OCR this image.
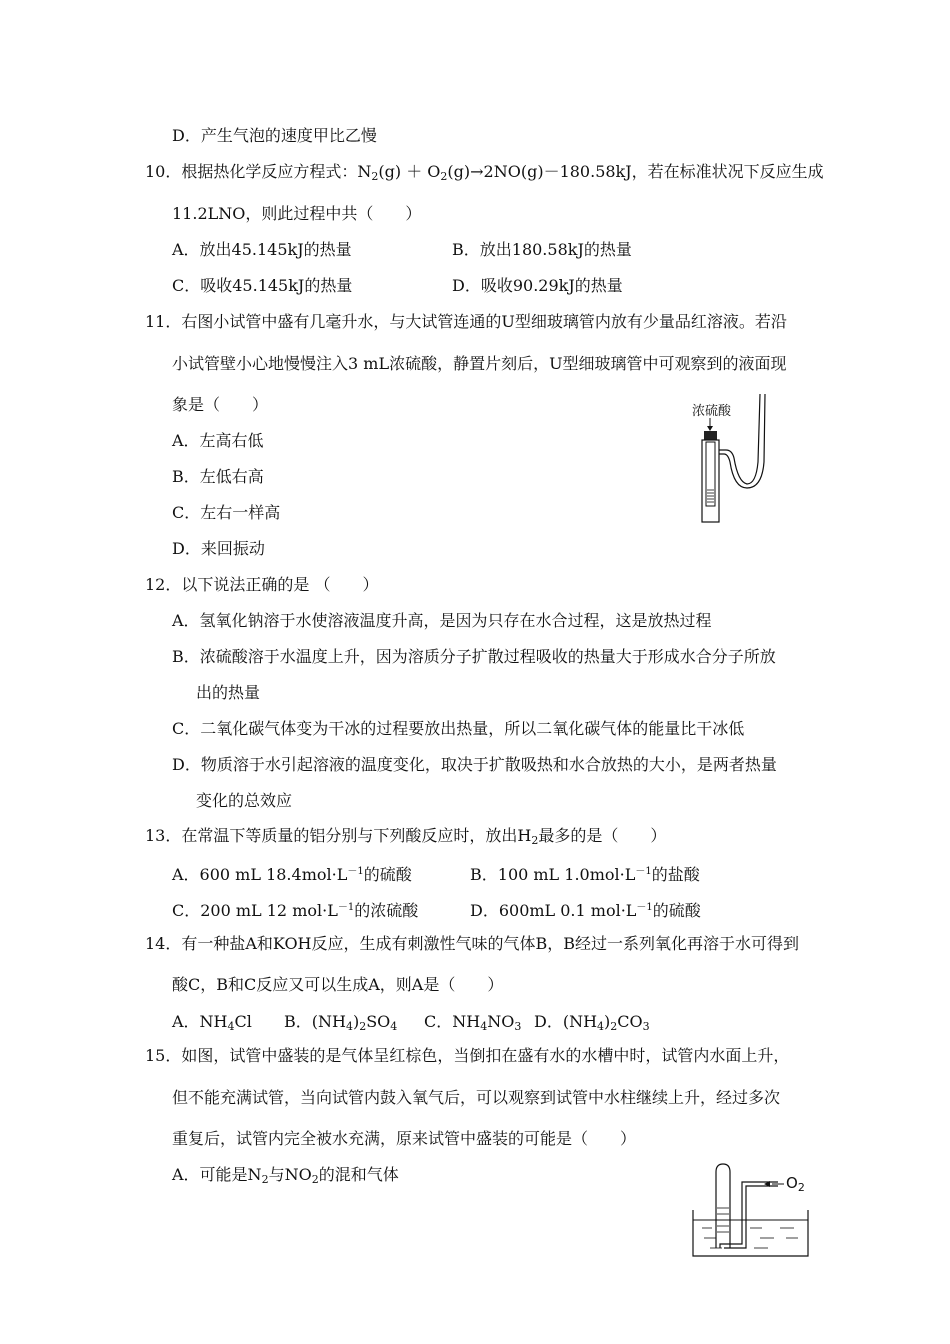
D．产生气泡的速度甲比乙慢
10．根据热化学反应方程式：$N_2(g) + O_2(g)\to 2NO(g)-180.58kJ$，若在标准状况下反应生成
11.2LNO，则此过程中共（　　）
A．放出45.145kJ的热量	B．放出180.58kJ的热量
C．吸收45.145kJ的热量	D．吸收90.29kJ的热量
11．右图小试管中盛有几毫升水，与大试管连通的U型细玻璃管内放有少量品红溶液。若沿
小试管壁小心地慢慢注入3 mL浓硫酸，静置片刻后，U型细玻璃管中可观察到的液面现
象是（　　）
A．左高右低
B．左低右高
C．左右一样高
D．来回振动
浓硫酸
12．以下说法正确的是 （　　）
A．氢氧化钠溶于水使溶液温度升高，是因为只存在水合过程，这是放热过程
B．浓硫酸溶于水温度上升，因为溶质分子扩散过程吸收的热量大于形成水合分子所放
出的热量
C．二氧化碳气体变为干冰的过程要放出热量，所以二氧化碳气体的能量比干冰低
D．物质溶于水引起溶液的温度变化，取决于扩散吸热和水合放热的大小，是两者热量
变化的总效应
13．在常温下等质量的铝分别与下列酸反应时，放出$H_2$最多的是（　　）
A．600 mL $18.4mol\cdot L^{-1}$的硫酸	B．100 mL $1.0mol\cdot L^{-1}$的盐酸
C．200 mL 12 $mol\cdot L^{-1}$的浓硫酸	D．600mL 0.1 $mol\cdot L^{-1}$的硫酸
14．有一种盐A和KOH反应，生成有刺激性气味的气体B，B经过一系列氧化再溶于水可得到
酸C，B和C反应又可以生成A，则A是（　　）
A．$NH_4Cl$ B．$(NH_4)_2SO_4$ C．$NH_4NO_3$ D．$(NH_4)_2CO_3$
15．如图，试管中盛装的是气体呈红棕色，当倒扣在盛有水的水槽中时，试管内水面上升，
但不能充满试管，当向试管内鼓入氧气后，可以观察到试管中水柱继续上升，经过多次
重复后，试管内完全被水充满，原来试管中盛装的可能是（　　）
A．可能是$N_2$与$NO_2$的混和气体	$O_2$
